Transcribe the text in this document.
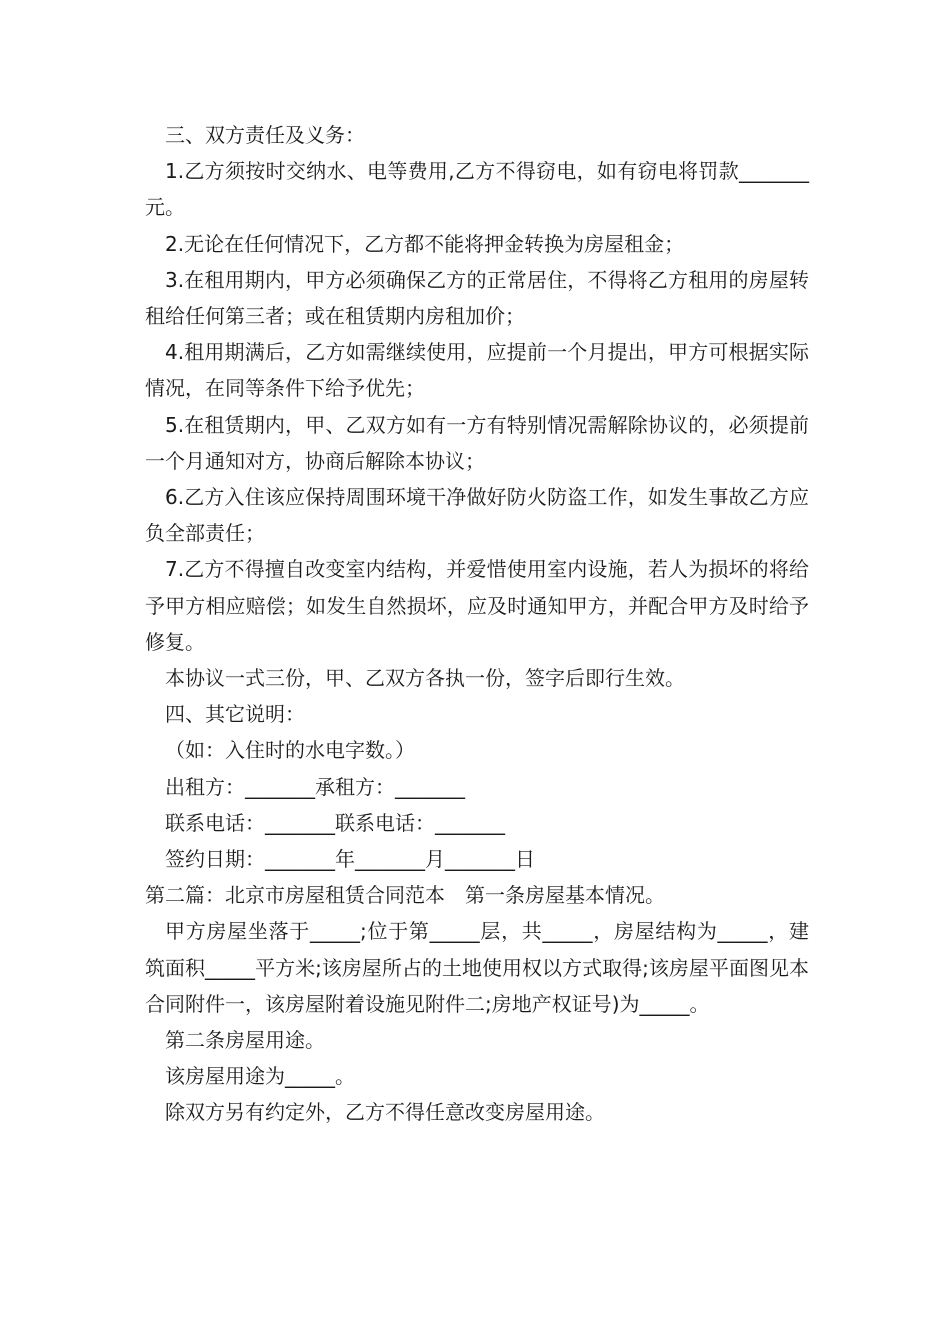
三、双方责任及义务：

1.乙方须按时交纳水、电等费用,乙方不得窃电，如有窃电将罚款_______元。

2.无论在任何情况下，乙方都不能将押金转换为房屋租金；

3.在租用期内，甲方必须确保乙方的正常居住，不得将乙方租用的房屋转租给任何第三者；或在租赁期内房租加价；

4.租用期满后，乙方如需继续使用，应提前一个月提出，甲方可根据实际情况，在同等条件下给予优先；

5.在租赁期内，甲、乙双方如有一方有特别情况需解除协议的，必须提前一个月通知对方，协商后解除本协议；

6.乙方入住该应保持周围环境干净做好防火防盗工作，如发生事故乙方应负全部责任；

7.乙方不得擅自改变室内结构，并爱惜使用室内设施，若人为损坏的将给予甲方相应赔偿；如发生自然损坏，应及时通知甲方，并配合甲方及时给予修复。

本协议一式三份，甲、乙双方各执一份，签字后即行生效。

四、其它说明：

（如：入住时的水电字数。）

出租方：_______承租方：_______

联系电话：_______联系电话：_______

签约日期：_______年_______月_______日

第二篇：北京市房屋租赁合同范本　第一条房屋基本情况。

甲方房屋坐落于_____;位于第_____层，共_____，房屋结构为_____，建筑面积_____平方米;该房屋所占的土地使用权以方式取得;该房屋平面图见本合同附件一，该房屋附着设施见附件二;房地产权证号)为_____。

第二条房屋用途。

该房屋用途为_____。

除双方另有约定外，乙方不得任意改变房屋用途。
